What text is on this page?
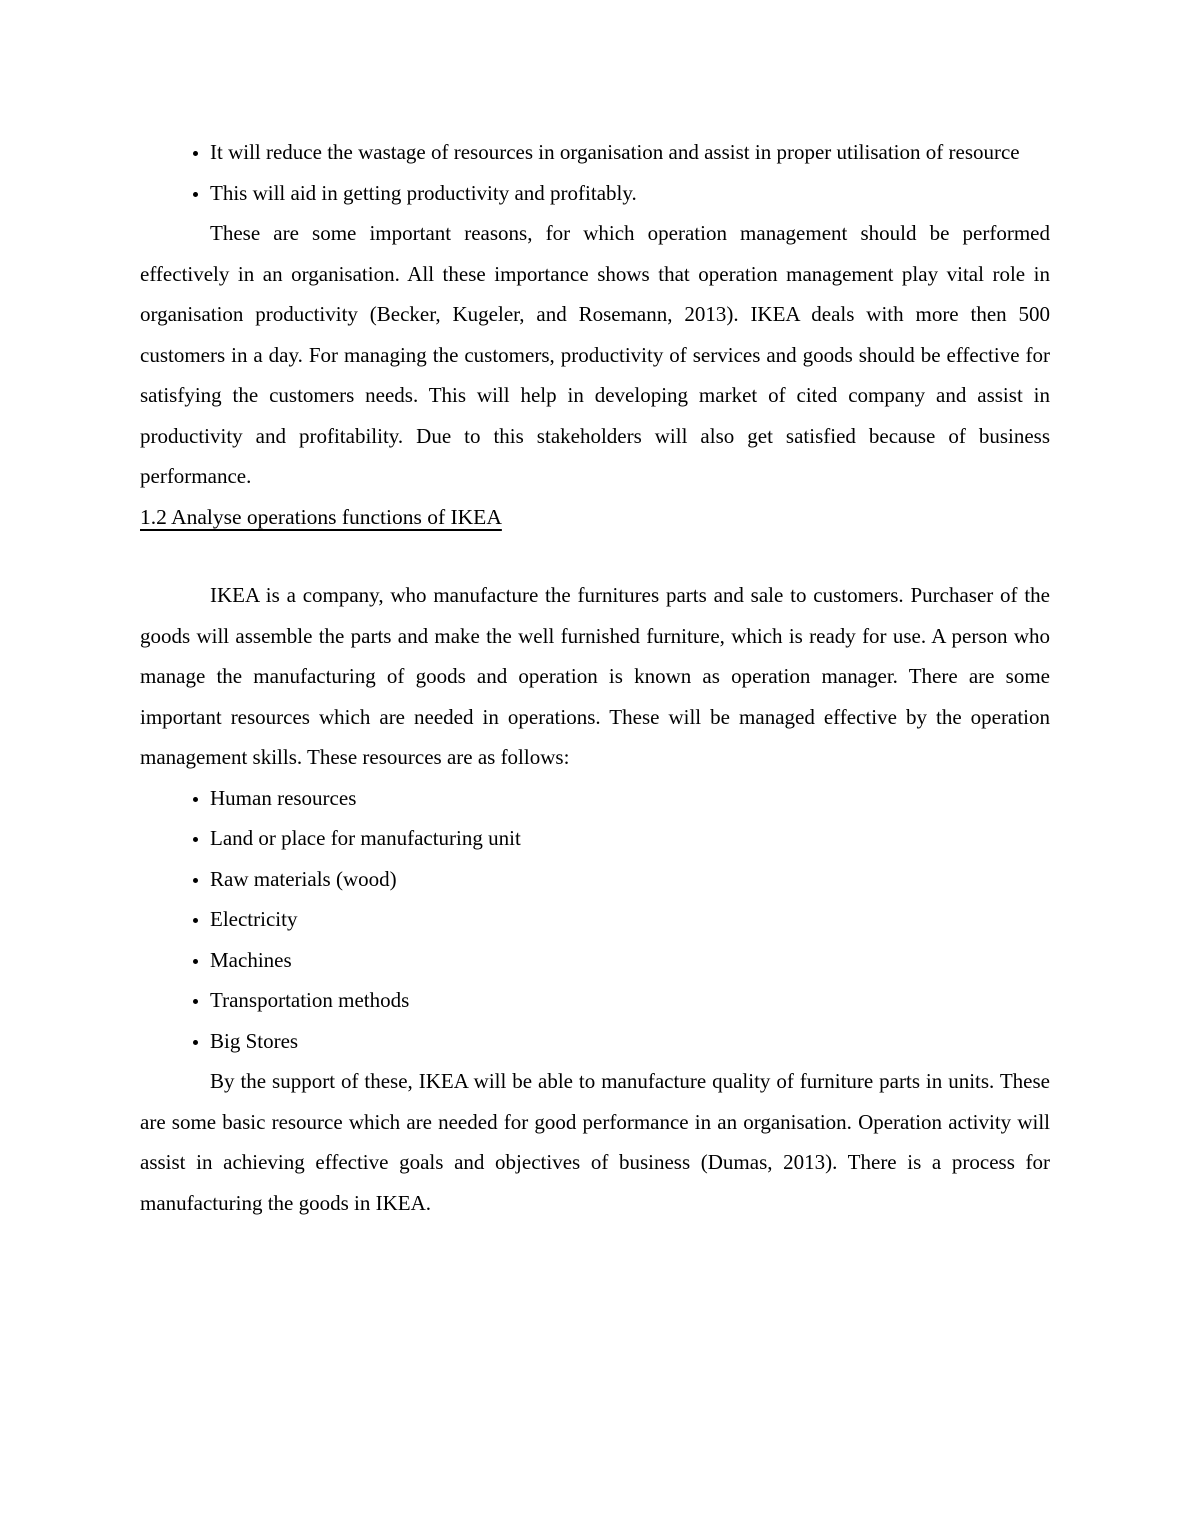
• It will reduce the wastage of resources in organisation and assist in proper utilisation of resource
• This will aid in getting productivity and profitably.

These are some important reasons, for which operation management should be performed effectively in an organisation. All these importance shows that operation management play vital role in organisation productivity (Becker, Kugeler, and Rosemann, 2013). IKEA deals with more then 500 customers in a day. For managing the customers, productivity of services and goods should be effective for satisfying the customers needs. This will help in developing market of cited company and assist in productivity and profitability. Due to this stakeholders will also get satisfied because of business performance.

1.2 Analyse operations functions of IKEA

IKEA is a company, who manufacture the furnitures parts and sale to customers. Purchaser of the goods will assemble the parts and make the well furnished furniture, which is ready for use. A person who manage the manufacturing of goods and operation is known as operation manager. There are some important resources which are needed in operations. These will be managed effective by the operation management skills. These resources are as follows:

• Human resources
• Land or place for manufacturing unit
• Raw materials (wood)
• Electricity
• Machines
• Transportation methods
• Big Stores

By the support of these, IKEA will be able to manufacture quality of furniture parts in units. These are some basic resource which are needed for good performance in an organisation. Operation activity will assist in achieving effective goals and objectives of business (Dumas, 2013). There is a process for manufacturing the goods in IKEA.
